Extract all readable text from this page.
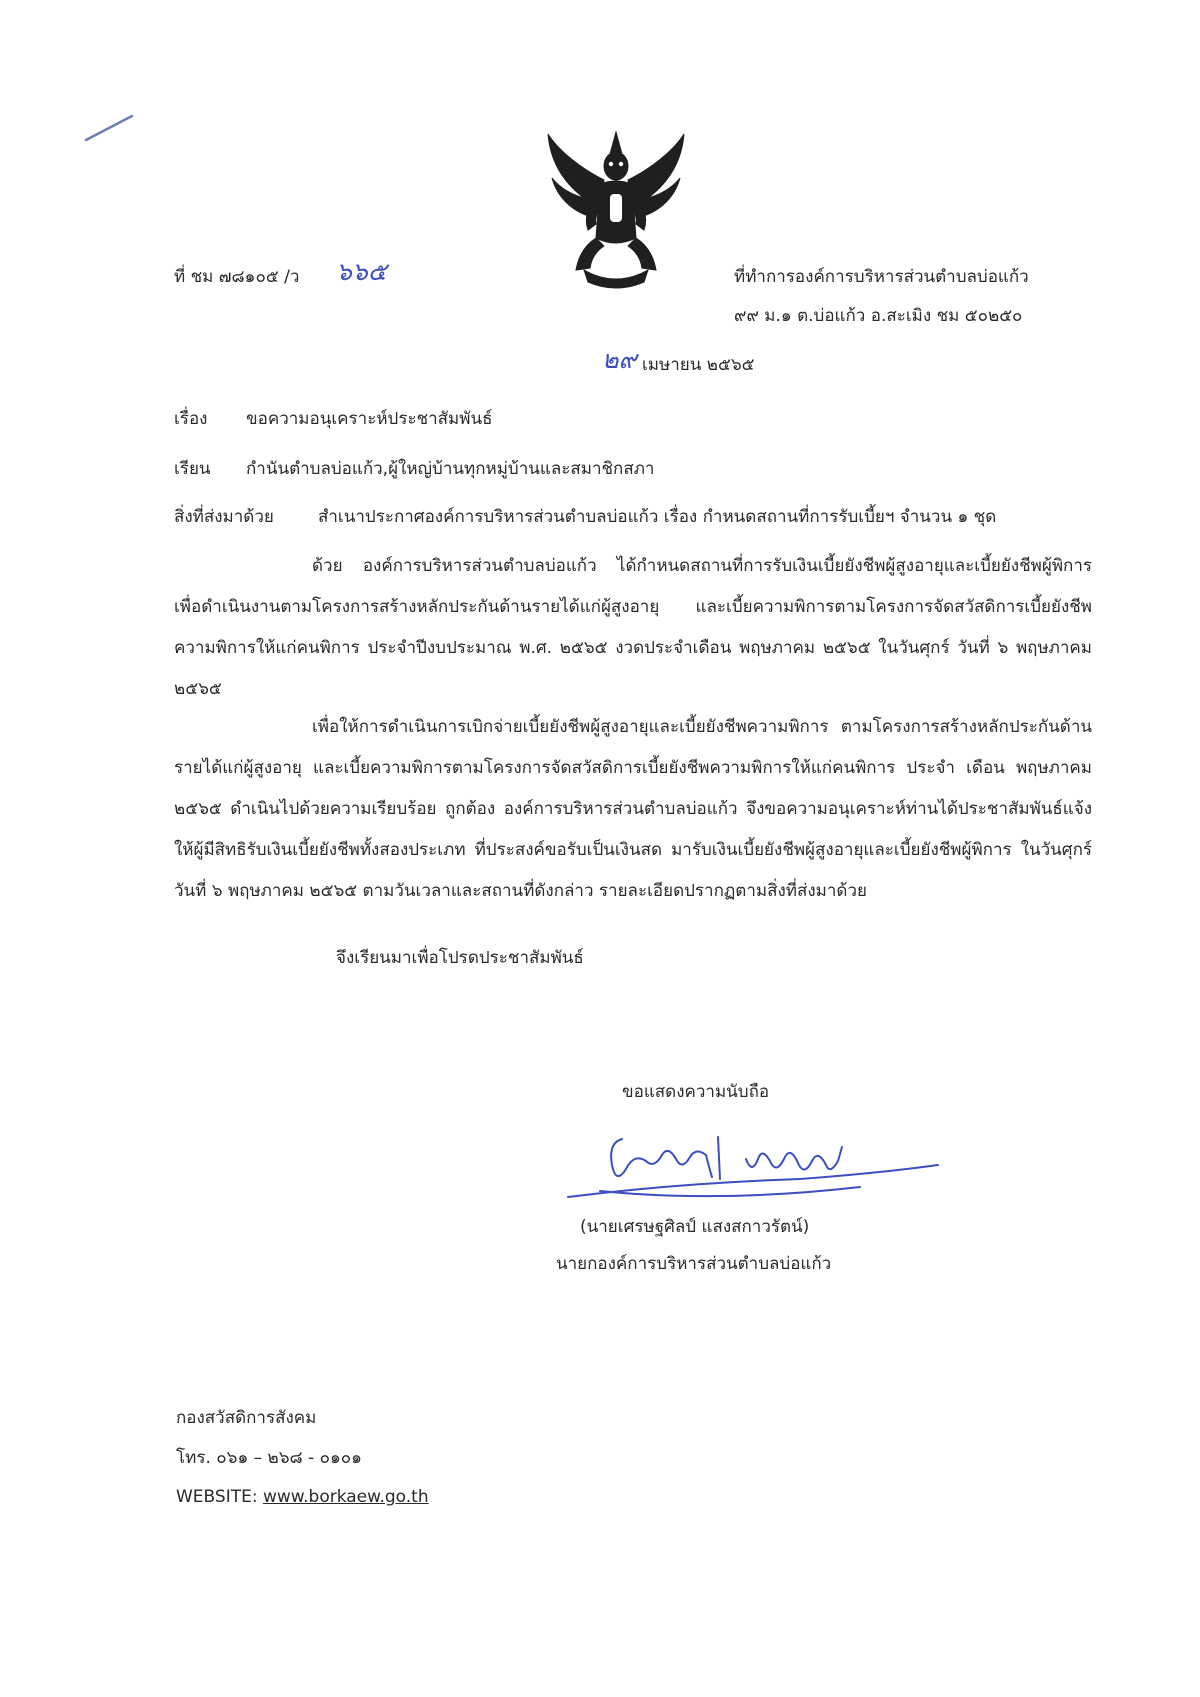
ที่ ชม ๗๘๑๐๕ /ว ๖๖๕	ที่ทำการองค์การบริหารส่วนตำบลบ่อแก้ว
๙๙ ม.๑ ต.บ่อแก้ว อ.สะเมิง ชม ๕๐๒๕๐
๒๙ เมษายน ๒๕๖๕
เรื่อง ขอความอนุเคราะห์ประชาสัมพันธ์
เรียน กำนันตำบลบ่อแก้ว,ผู้ใหญ่บ้านทุกหมู่บ้านและสมาชิกสภา
สิ่งที่ส่งมาด้วย	สำเนาประกาศองค์การบริหารส่วนตำบลบ่อแก้ว เรื่อง กำหนดสถานที่การรับเบี้ยฯ จำนวน ๑ ชุด
ด้วย องค์การบริหารส่วนตำบลบ่อแก้ว ได้กำหนดสถานที่การรับเงินเบี้ยยังชีพผู้สูงอายุและเบี้ยยังชีพผู้พิการ เพื่อดำเนินงานตามโครงการสร้างหลักประกันด้านรายได้แก่ผู้สูงอายุ และเบี้ยความพิการตามโครงการจัดสวัสดิการเบี้ยยังชีพความพิการให้แก่คนพิการ ประจำปีงบประมาณ พ.ศ. ๒๕๖๕ งวดประจำเดือน พฤษภาคม ๒๕๖๕ ในวันศุกร์ วันที่ ๖ พฤษภาคม ๒๕๖๕
เพื่อให้การดำเนินการเบิกจ่ายเบี้ยยังชีพผู้สูงอายุและเบี้ยยังชีพความพิการ ตามโครงการสร้างหลักประกันด้านรายได้แก่ผู้สูงอายุ และเบี้ยความพิการตามโครงการจัดสวัสดิการเบี้ยยังชีพความพิการให้แก่คนพิการ ประจำ เดือน พฤษภาคม ๒๕๖๕ ดำเนินไปด้วยความเรียบร้อย ถูกต้อง องค์การบริหารส่วนตำบลบ่อแก้ว จึงขอความอนุเคราะห์ท่านได้ประชาสัมพันธ์แจ้งให้ผู้มีสิทธิรับเงินเบี้ยยังชีพทั้งสองประเภท ที่ประสงค์ขอรับเป็นเงินสด มารับเงินเบี้ยยังชีพผู้สูงอายุและเบี้ยยังชีพผู้พิการ ในวันศุกร์ วันที่ ๖ พฤษภาคม ๒๕๖๕ ตามวันเวลาและสถานที่ดังกล่าว รายละเอียดปรากฏตามสิ่งที่ส่งมาด้วย
จึงเรียนมาเพื่อโปรดประชาสัมพันธ์
ขอแสดงความนับถือ
(นายเศรษฐศิลป์ แสงสกาวรัตน์)
นายกองค์การบริหารส่วนตำบลบ่อแก้ว
กองสวัสดิการสังคม
โทร. ๐๖๑ – ๒๖๘ - ๐๑๐๑
WEBSITE: www.borkaew.go.th
